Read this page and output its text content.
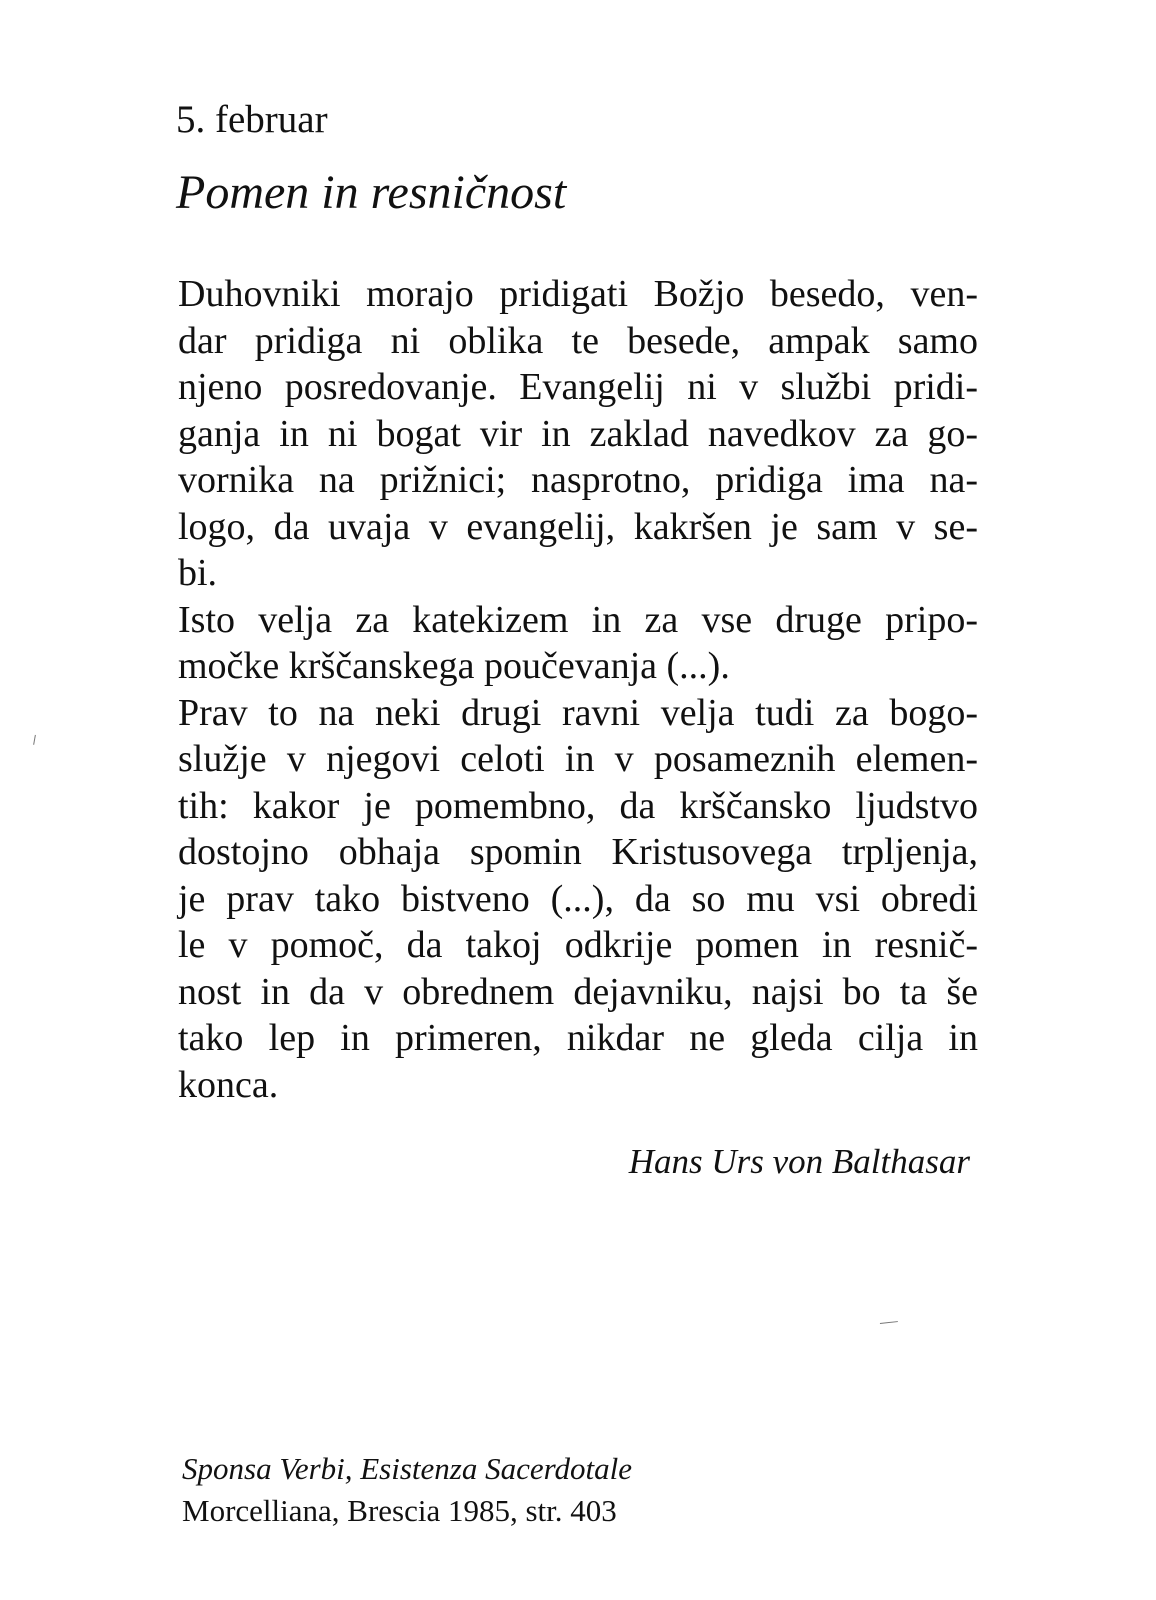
5. februar
Pomen in resničnost
Duhovniki morajo pridigati Božjo besedo, ven-
dar pridiga ni oblika te besede, ampak samo
njeno posredovanje. Evangelij ni v službi pridi-
ganja in ni bogat vir in zaklad navedkov za go-
vornika na prižnici; nasprotno, pridiga ima na-
logo, da uvaja v evangelij, kakršen je sam v se-
bi.
Isto velja za katekizem in za vse druge pripo-
močke krščanskega poučevanja (...).
Prav to na neki drugi ravni velja tudi za bogo-
služje v njegovi celoti in v posameznih elemen-
tih: kakor je pomembno, da krščansko ljudstvo
dostojno obhaja spomin Kristusovega trpljenja,
je prav tako bistveno (...), da so mu vsi obredi
le v pomoč, da takoj odkrije pomen in resnič-
nost in da v obrednem dejavniku, najsi bo ta še
tako lep in primeren, nikdar ne gleda cilja in
konca.
Hans Urs von Balthasar
Sponsa Verbi, Esistenza Sacerdotale
Morcelliana, Brescia 1985, str. 403
